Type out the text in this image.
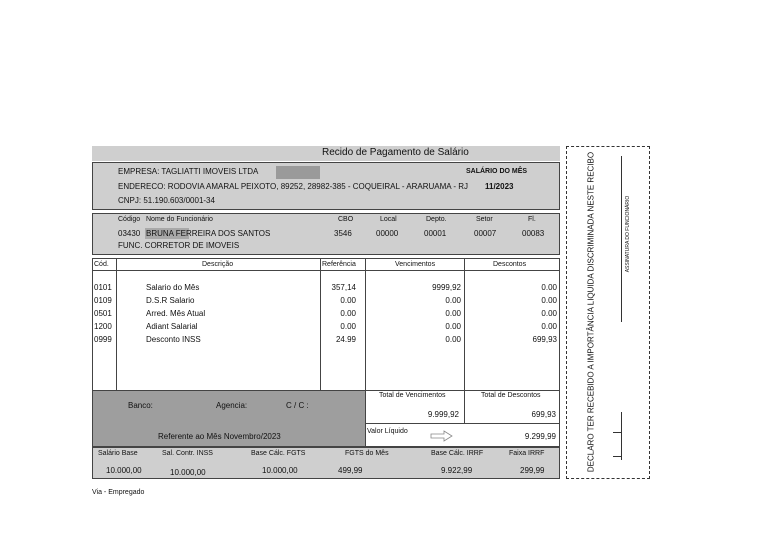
Recido de Pagamento de Salário
EMPRESA: TAGLIATTI IMOVEIS LTDA	SALÁRIO DO MÊS
ENDERECO: RODOVIA AMARAL PEIXOTO, 89252, 28982-385 - COQUEIRAL - ARARUAMA - RJ 11/2023
CNPJ: 51.190.603/0001-34
Código Nome do Funcionário	CBO	Local	Depto.	Setor	Fl.
03430 BRUNA FERREIRA DOS SANTOS	3546	00000	00001	00007	00083
FUNC. CORRETOR DE IMOVEIS
Cód.	Descrição	Referência	Vencimentos	Descontos
0101	Salario do Mês	357,14	9999,92	0.00
0109	D.S.R Salario	0.00	0.00	0.00
0501	Arred. Mês Atual	0.00	0.00	0.00
1200	Adiant Salarial	0.00	0.00	0.00
0999	Desconto INSS	24.99	0.00	699,93
Banco:	Agencia:	C / C :
Referente ao Mês Novembro/2023
Total de Vencimentos
9.999,92
Total de Descontos
699,93
Valor Líquido
9.299,99
Salário Base
10.000,00
Sal. Contr. INSS
10.000,00
Base Cálc. FGTS
10.000,00
FGTS do Mês
499,99
Base Cálc. IRRF
9.922,99
Faixa IRRF
299,99
Via - Empregado
DECLARO TER RECEBIDO A IMPORTÂNCIA LIQUIDA DISCRIMINADA NESTE RECIBO	ASSINATURA DO FUNCIONÁRIO
